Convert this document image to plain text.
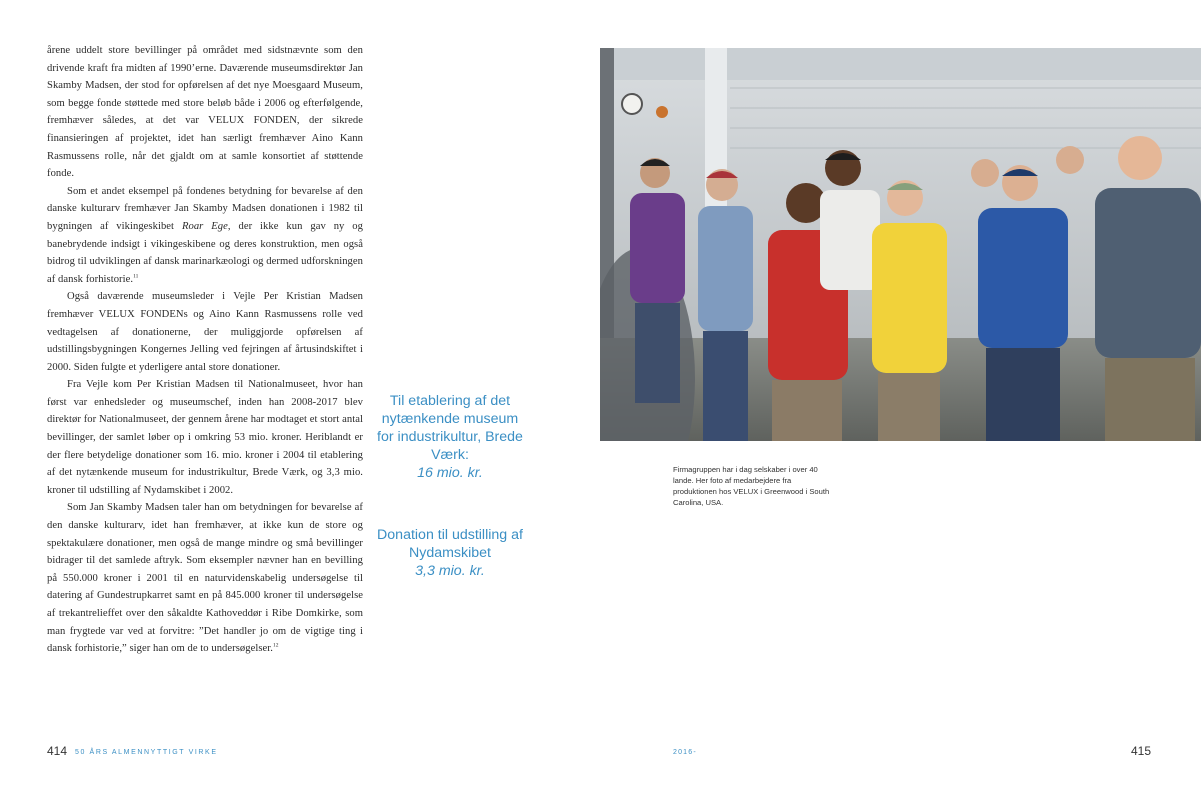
årene uddelt store bevillinger på området med sidstnævnte som den drivende kraft fra midten af 1990’erne. Daværende museumsdirektør Jan Skamby Madsen, der stod for opførelsen af det nye Moesgaard Museum, som begge fonde støttede med store beløb både i 2006 og efterfølgende, fremhæver således, at det var VELUX FONDEN, der sikrede finansieringen af projektet, idet han særligt fremhæver Aino Kann Rasmussens rolle, når det gjaldt om at samle konsortiet af støttende fonde.

Som et andet eksempel på fondenes betydning for bevarelse af den danske kulturarv fremhæver Jan Skamby Madsen donationen i 1982 til bygningen af vikingeskibet Roar Ege, der ikke kun gav ny og banebrydende indsigt i vikingeskibene og deres konstruktion, men også bidrog til udviklingen af dansk marinarkæologi og dermed udforskningen af dansk forhistorie.$^{11}$

Også daværende museumsleder i Vejle Per Kristian Madsen fremhæver VELUX FONDENs og Aino Kann Rasmussens rolle ved vedtagelsen af donationerne, der muliggjorde opførelsen af udstillingsbygningen Kongernes Jelling ved fejringen af årtusindskiftet i 2000. Siden fulgte et yderligere antal store donationer.

Fra Vejle kom Per Kristian Madsen til Nationalmuseet, hvor han først var enhedsleder og museumschef, inden han 2008-2017 blev direktør for Nationalmuseet, der gennem årene har modtaget et stort antal bevillinger, der samlet løber op i omkring 53 mio. kroner. Heriblandt er der flere betydelige donationer som 16. mio. kroner i 2004 til etablering af det nytænkende museum for industrikultur, Brede Værk, og 3,3 mio. kroner til udstilling af Nydamskibet i 2002.

Som Jan Skamby Madsen taler han om betydningen for bevarelse af den danske kulturarv, idet han fremhæver, at ikke kun de store og spektakulære donationer, men også de mange mindre og små bevillinger bidrager til det samlede aftryk. Som eksempler nævner han en bevilling på 550.000 kroner i 2001 til en naturvidenskabelig undersøgelse til datering af Gundestrupkarret samt en på 845.000 kroner til undersøgelse af trekantrelieffet over den såkaldte Kathoveddør i Ribe Domkirke, som man frygtede var ved at forvitre: ”Det handler jo om de vigtige ting i dansk forhistorie,” siger han om de to undersøgelser.$^{12}$

Til etablering af det nytænkende museum for industrikultur, Brede Værk:
16 mio. kr.
Donation til udstilling af Nydamskibet
3,3 mio. kr.
Firmagruppen har i dag selskaber i over 40 lande. Her foto af medarbejdere fra produktionen hos VELUX i Greenwood i South Carolina, USA.
414 50 ÅRS ALMENNYTTIGT VIRKE	2016-	415
